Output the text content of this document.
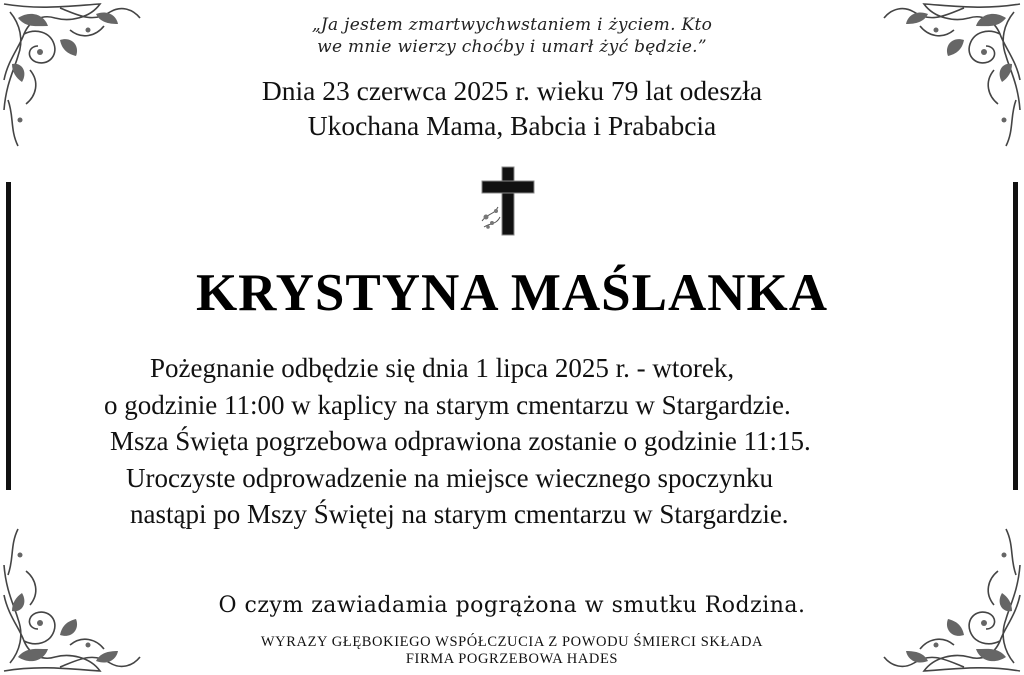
„Ja jestem zmartwychwstaniem i życiem. Kto
we mnie wierzy choćby i umarł żyć będzie.”
Dnia 23 czerwca 2025 r. wieku 79 lat odeszła
Ukochana Mama, Babcia i Prababcia
KRYSTYNA MAŚLANKA
Pożegnanie odbędzie się dnia 1 lipca 2025 r. - wtorek,
o godzinie 11:00 w kaplicy na starym cmentarzu w Stargardzie.
Msza Święta pogrzebowa odprawiona zostanie o godzinie 11:15.
Uroczyste odprowadzenie na miejsce wiecznego spoczynku
nastąpi po Mszy Świętej na starym cmentarzu w Stargardzie.
O czym zawiadamia pogrążona w smutku Rodzina.
WYRAZY GŁĘBOKIEGO WSPÓŁCZUCIA Z POWODU ŚMIERCI SKŁADA
FIRMA POGRZEBOWA HADES
